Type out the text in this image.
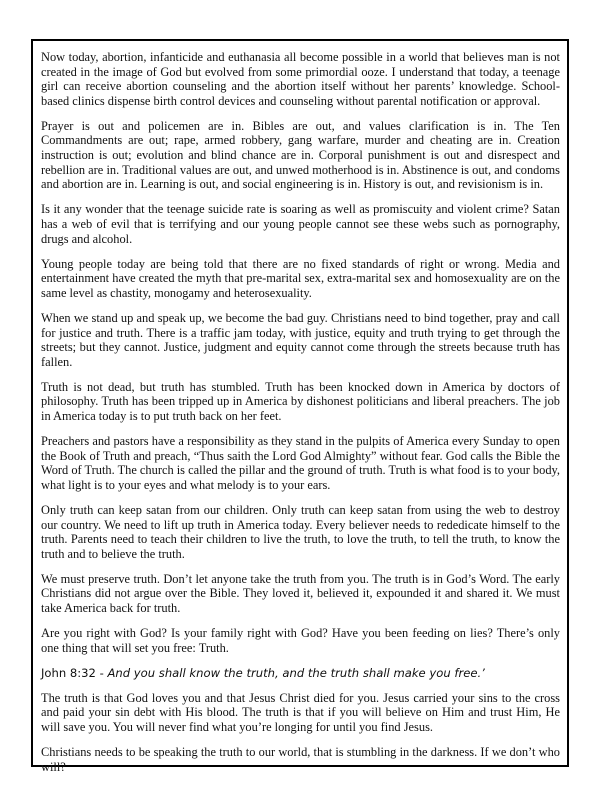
Now today, abortion, infanticide and euthanasia all become possible in a world that believes man is not created in the image of God but evolved from some primordial ooze. I understand that today, a teenage girl can receive abortion counseling and the abortion itself without her parents’ knowledge. School-based clinics dispense birth control devices and counseling without parental notification or approval.

Prayer is out and policemen are in. Bibles are out, and values clarification is in. The Ten Commandments are out; rape, armed robbery, gang warfare, murder and cheating are in. Creation instruction is out; evolution and blind chance are in. Corporal punishment is out and disrespect and rebellion are in. Traditional values are out, and unwed motherhood is in. Abstinence is out, and condoms and abortion are in. Learning is out, and social engineering is in. History is out, and revisionism is in.

Is it any wonder that the teenage suicide rate is soaring as well as promiscuity and violent crime? Satan has a web of evil that is terrifying and our young people cannot see these webs such as pornography, drugs and alcohol.

Young people today are being told that there are no fixed standards of right or wrong. Media and entertainment have created the myth that pre-marital sex, extra-marital sex and homosexuality are on the same level as chastity, monogamy and heterosexuality.

When we stand up and speak up, we become the bad guy. Christians need to bind together, pray and call for justice and truth. There is a traffic jam today, with justice, equity and truth trying to get through the streets; but they cannot. Justice, judgment and equity cannot come through the streets because truth has fallen.

Truth is not dead, but truth has stumbled. Truth has been knocked down in America by doctors of philosophy. Truth has been tripped up in America by dishonest politicians and liberal preachers. The job in America today is to put truth back on her feet.

Preachers and pastors have a responsibility as they stand in the pulpits of America every Sunday to open the Book of Truth and preach, “Thus saith the Lord God Almighty” without fear. God calls the Bible the Word of Truth. The church is called the pillar and the ground of truth. Truth is what food is to your body, what light is to your eyes and what melody is to your ears.

Only truth can keep satan from our children. Only truth can keep satan from using the web to destroy our country. We need to lift up truth in America today. Every believer needs to rededicate himself to the truth. Parents need to teach their children to live the truth, to love the truth, to tell the truth, to know the truth and to believe the truth.

We must preserve truth. Don’t let anyone take the truth from you. The truth is in God’s Word. The early Christians did not argue over the Bible. They loved it, believed it, expounded it and shared it. We must take America back for truth.

Are you right with God? Is your family right with God? Have you been feeding on lies? There’s only one thing that will set you free: Truth.

John 8:32 - And you shall know the truth, and the truth shall make you free.’

The truth is that God loves you and that Jesus Christ died for you. Jesus carried your sins to the cross and paid your sin debt with His blood. The truth is that if you will believe on Him and trust Him, He will save you. You will never find what you’re longing for until you find Jesus.

Christians needs to be speaking the truth to our world, that is stumbling in the darkness. If we don’t who will?
